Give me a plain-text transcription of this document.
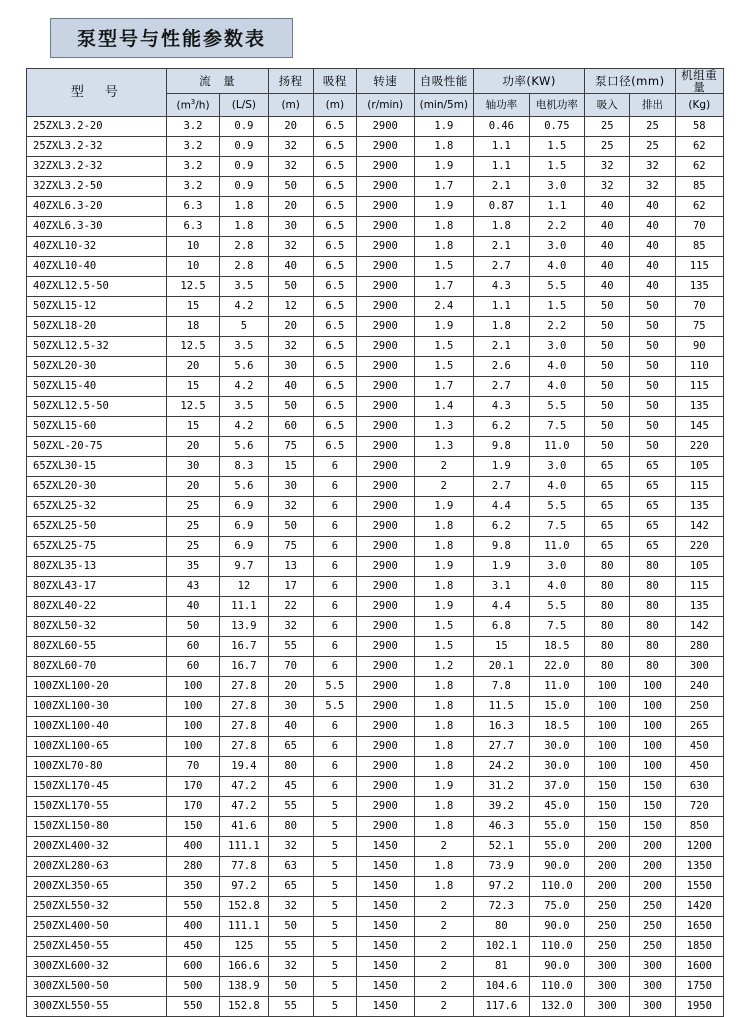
泵型号与性能参数表
型　号	流　量		扬程	吸程	转速	自吸性能	功率(KW)		泵口径(mm)		机组重量
	$(m^3/h)$	(L/S)	(m)	(m)	(r/min)	(min/5m)	轴功率	电机功率	吸入	排出	(Kg)
25ZXL3.2-20	3.2	0.9	20	6.5	2900	1.9	0.46	0.75	25	25	58
25ZXL3.2-32	3.2	0.9	32	6.5	2900	1.8	1.1	1.5	25	25	62
32ZXL3.2-32	3.2	0.9	32	6.5	2900	1.9	1.1	1.5	32	32	62
32ZXL3.2-50	3.2	0.9	50	6.5	2900	1.7	2.1	3.0	32	32	85
40ZXL6.3-20	6.3	1.8	20	6.5	2900	1.9	0.87	1.1	40	40	62
40ZXL6.3-30	6.3	1.8	30	6.5	2900	1.8	1.8	2.2	40	40	70
40ZXL10-32	10	2.8	32	6.5	2900	1.8	2.1	3.0	40	40	85
40ZXL10-40	10	2.8	40	6.5	2900	1.5	2.7	4.0	40	40	115
40ZXL12.5-50	12.5	3.5	50	6.5	2900	1.7	4.3	5.5	40	40	135
50ZXL15-12	15	4.2	12	6.5	2900	2.4	1.1	1.5	50	50	70
50ZXL18-20	18	5	20	6.5	2900	1.9	1.8	2.2	50	50	75
50ZXL12.5-32	12.5	3.5	32	6.5	2900	1.5	2.1	3.0	50	50	90
50ZXL20-30	20	5.6	30	6.5	2900	1.5	2.6	4.0	50	50	110
50ZXL15-40	15	4.2	40	6.5	2900	1.7	2.7	4.0	50	50	115
50ZXL12.5-50	12.5	3.5	50	6.5	2900	1.4	4.3	5.5	50	50	135
50ZXL15-60	15	4.2	60	6.5	2900	1.3	6.2	7.5	50	50	145
50ZXL-20-75	20	5.6	75	6.5	2900	1.3	9.8	11.0	50	50	220
65ZXL30-15	30	8.3	15	6	2900	2	1.9	3.0	65	65	105
65ZXL20-30	20	5.6	30	6	2900	2	2.7	4.0	65	65	115
65ZXL25-32	25	6.9	32	6	2900	1.9	4.4	5.5	65	65	135
65ZXL25-50	25	6.9	50	6	2900	1.8	6.2	7.5	65	65	142
65ZXL25-75	25	6.9	75	6	2900	1.8	9.8	11.0	65	65	220
80ZXL35-13	35	9.7	13	6	2900	1.9	1.9	3.0	80	80	105
80ZXL43-17	43	12	17	6	2900	1.8	3.1	4.0	80	80	115
80ZXL40-22	40	11.1	22	6	2900	1.9	4.4	5.5	80	80	135
80ZXL50-32	50	13.9	32	6	2900	1.5	6.8	7.5	80	80	142
80ZXL60-55	60	16.7	55	6	2900	1.5	15	18.5	80	80	280
80ZXL60-70	60	16.7	70	6	2900	1.2	20.1	22.0	80	80	300
100ZXL100-20	100	27.8	20	5.5	2900	1.8	7.8	11.0	100	100	240
100ZXL100-30	100	27.8	30	5.5	2900	1.8	11.5	15.0	100	100	250
100ZXL100-40	100	27.8	40	6	2900	1.8	16.3	18.5	100	100	265
100ZXL100-65	100	27.8	65	6	2900	1.8	27.7	30.0	100	100	450
100ZXL70-80	70	19.4	80	6	2900	1.8	24.2	30.0	100	100	450
150ZXL170-45	170	47.2	45	6	2900	1.9	31.2	37.0	150	150	630
150ZXL170-55	170	47.2	55	5	2900	1.8	39.2	45.0	150	150	720
150ZXL150-80	150	41.6	80	5	2900	1.8	46.3	55.0	150	150	850
200ZXL400-32	400	111.1	32	5	1450	2	52.1	55.0	200	200	1200
200ZXL280-63	280	77.8	63	5	1450	1.8	73.9	90.0	200	200	1350
200ZXL350-65	350	97.2	65	5	1450	1.8	97.2	110.0	200	200	1550
250ZXL550-32	550	152.8	32	5	1450	2	72.3	75.0	250	250	1420
250ZXL400-50	400	111.1	50	5	1450	2	80	90.0	250	250	1650
250ZXL450-55	450	125	55	5	1450	2	102.1	110.0	250	250	1850
300ZXL600-32	600	166.6	32	5	1450	2	81	90.0	300	300	1600
300ZXL500-50	500	138.9	50	5	1450	2	104.6	110.0	300	300	1750
300ZXL550-55	550	152.8	55	5	1450	2	117.6	132.0	300	300	1950
